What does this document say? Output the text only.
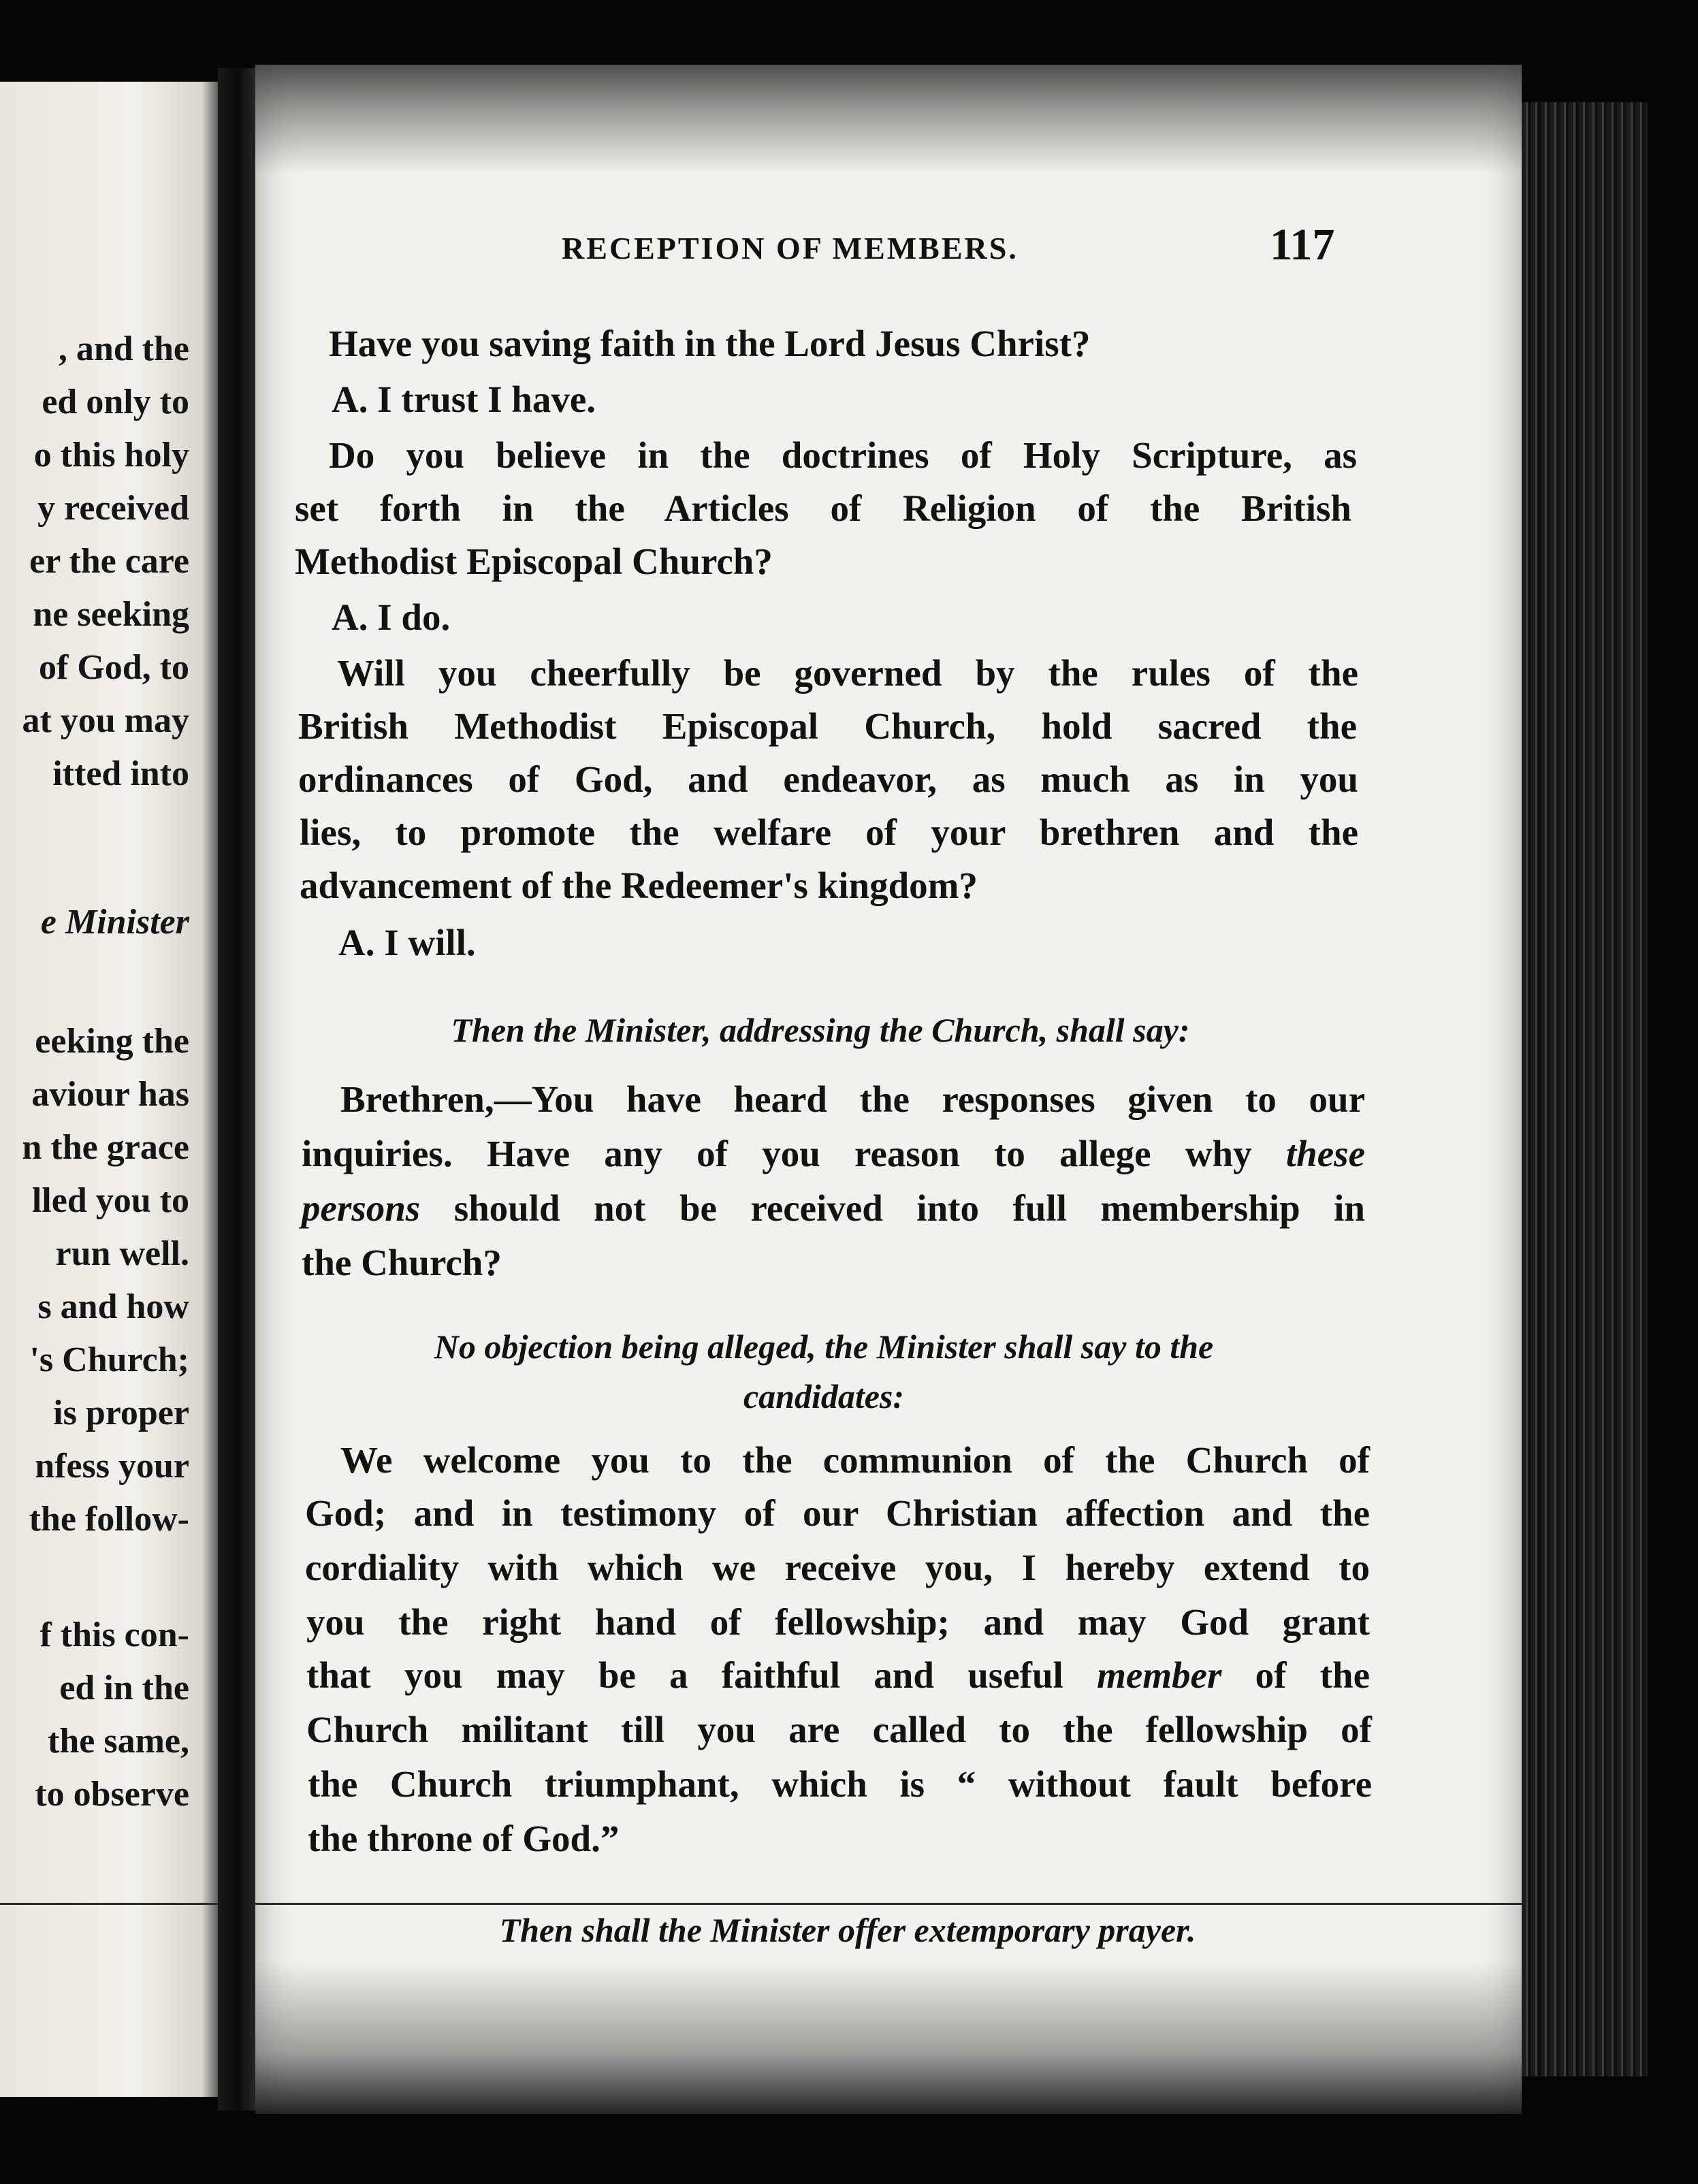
, and the
ed only to
o this holy
y received
er the care
ne seeking
of God, to
at you may
itted into
e Minister
eeking the
aviour has
n the grace
lled you to
run well.
s and how
's Church;
is proper
nfess your
the follow-
f this con-
ed in the
the same,
to observe
RECEPTION OF MEMBERS.	117
Have you saving faith in the Lord Jesus Christ?
A. I trust I have.
Do you believe in the doctrines of Holy Scripture, as
set forth in the Articles of Religion of the British
Methodist Episcopal Church?
A. I do.
Will you cheerfully be governed by the rules of the
British Methodist Episcopal Church, hold sacred the
ordinances of God, and endeavor, as much as in you
lies, to promote the welfare of your brethren and the
advancement of the Redeemer's kingdom?
A. I will.
Then the Minister, addressing the Church, shall say:
Brethren,—You have heard the responses given to our
inquiries. Have any of you reason to allege why these
persons should not be received into full membership in
the Church?
No objection being alleged, the Minister shall say to the
candidates:
We welcome you to the communion of the Church of
God; and in testimony of our Christian affection and the
cordiality with which we receive you, I hereby extend to
you the right hand of fellowship; and may God grant
that you may be a faithful and useful member of the
Church militant till you are called to the fellowship of
the Church triumphant, which is “ without fault before
the throne of God.”
Then shall the Minister offer extemporary prayer.
